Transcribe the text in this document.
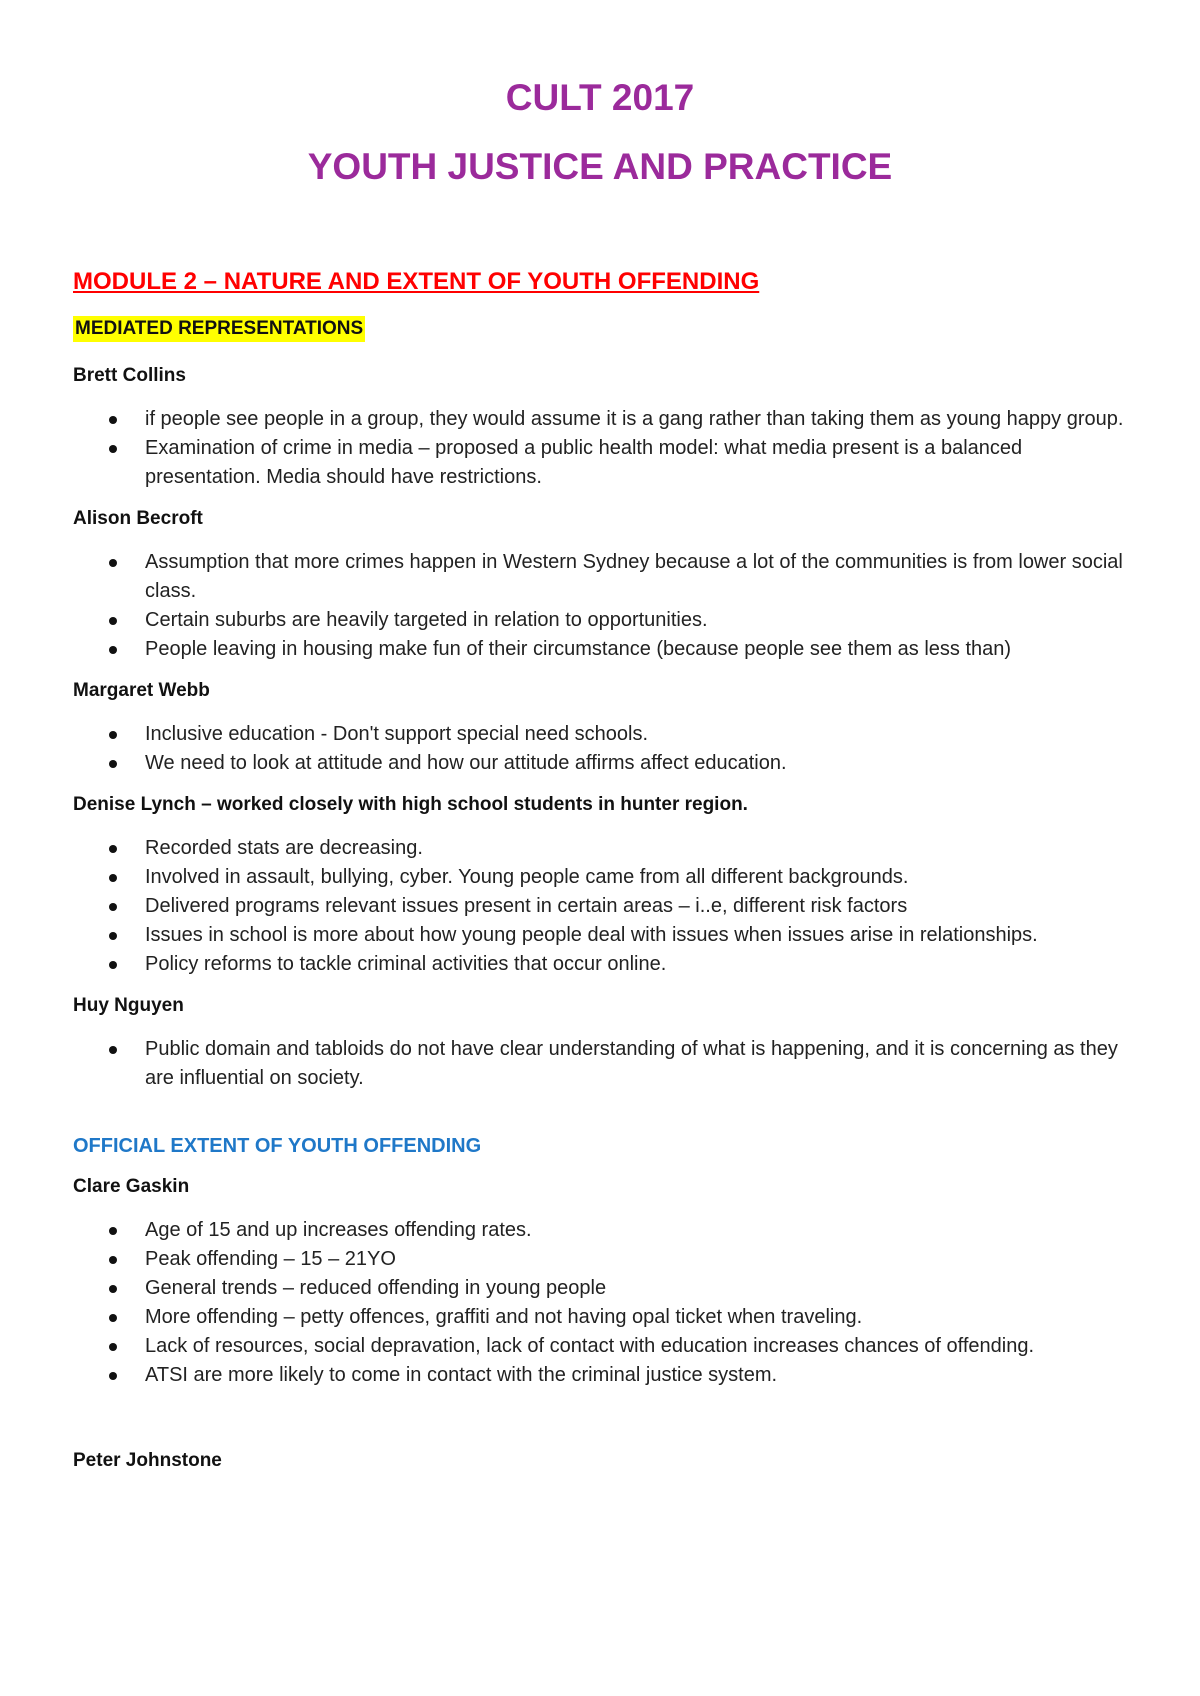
CULT 2017
YOUTH JUSTICE AND PRACTICE
MODULE 2 – NATURE AND EXTENT OF YOUTH OFFENDING
MEDIATED REPRESENTATIONS

Brett Collins

if people see people in a group, they would assume it is a gang rather than taking them as young happy group.
Examination of crime in media – proposed a public health model: what media present is a balanced presentation. Media should have restrictions.

Alison Becroft

Assumption that more crimes happen in Western Sydney because a lot of the communities is from lower social class.
Certain suburbs are heavily targeted in relation to opportunities.
People leaving in housing make fun of their circumstance (because people see them as less than)

Margaret Webb

Inclusive education - Don't support special need schools.
We need to look at attitude and how our attitude affirms affect education.

Denise Lynch – worked closely with high school students in hunter region.

Recorded stats are decreasing.
Involved in assault, bullying, cyber. Young people came from all different backgrounds.
Delivered programs relevant issues present in certain areas – i..e, different risk factors
Issues in school is more about how young people deal with issues when issues arise in relationships.
Policy reforms to tackle criminal activities that occur online.

Huy Nguyen

Public domain and tabloids do not have clear understanding of what is happening, and it is concerning as they are influential on society.

OFFICIAL EXTENT OF YOUTH OFFENDING

Clare Gaskin

Age of 15 and up increases offending rates.
Peak offending – 15 – 21YO
General trends – reduced offending in young people
More offending – petty offences, graffiti and not having opal ticket when traveling.
Lack of resources, social depravation, lack of contact with education increases chances of offending.
ATSI are more likely to come in contact with the criminal justice system.

Peter Johnstone
